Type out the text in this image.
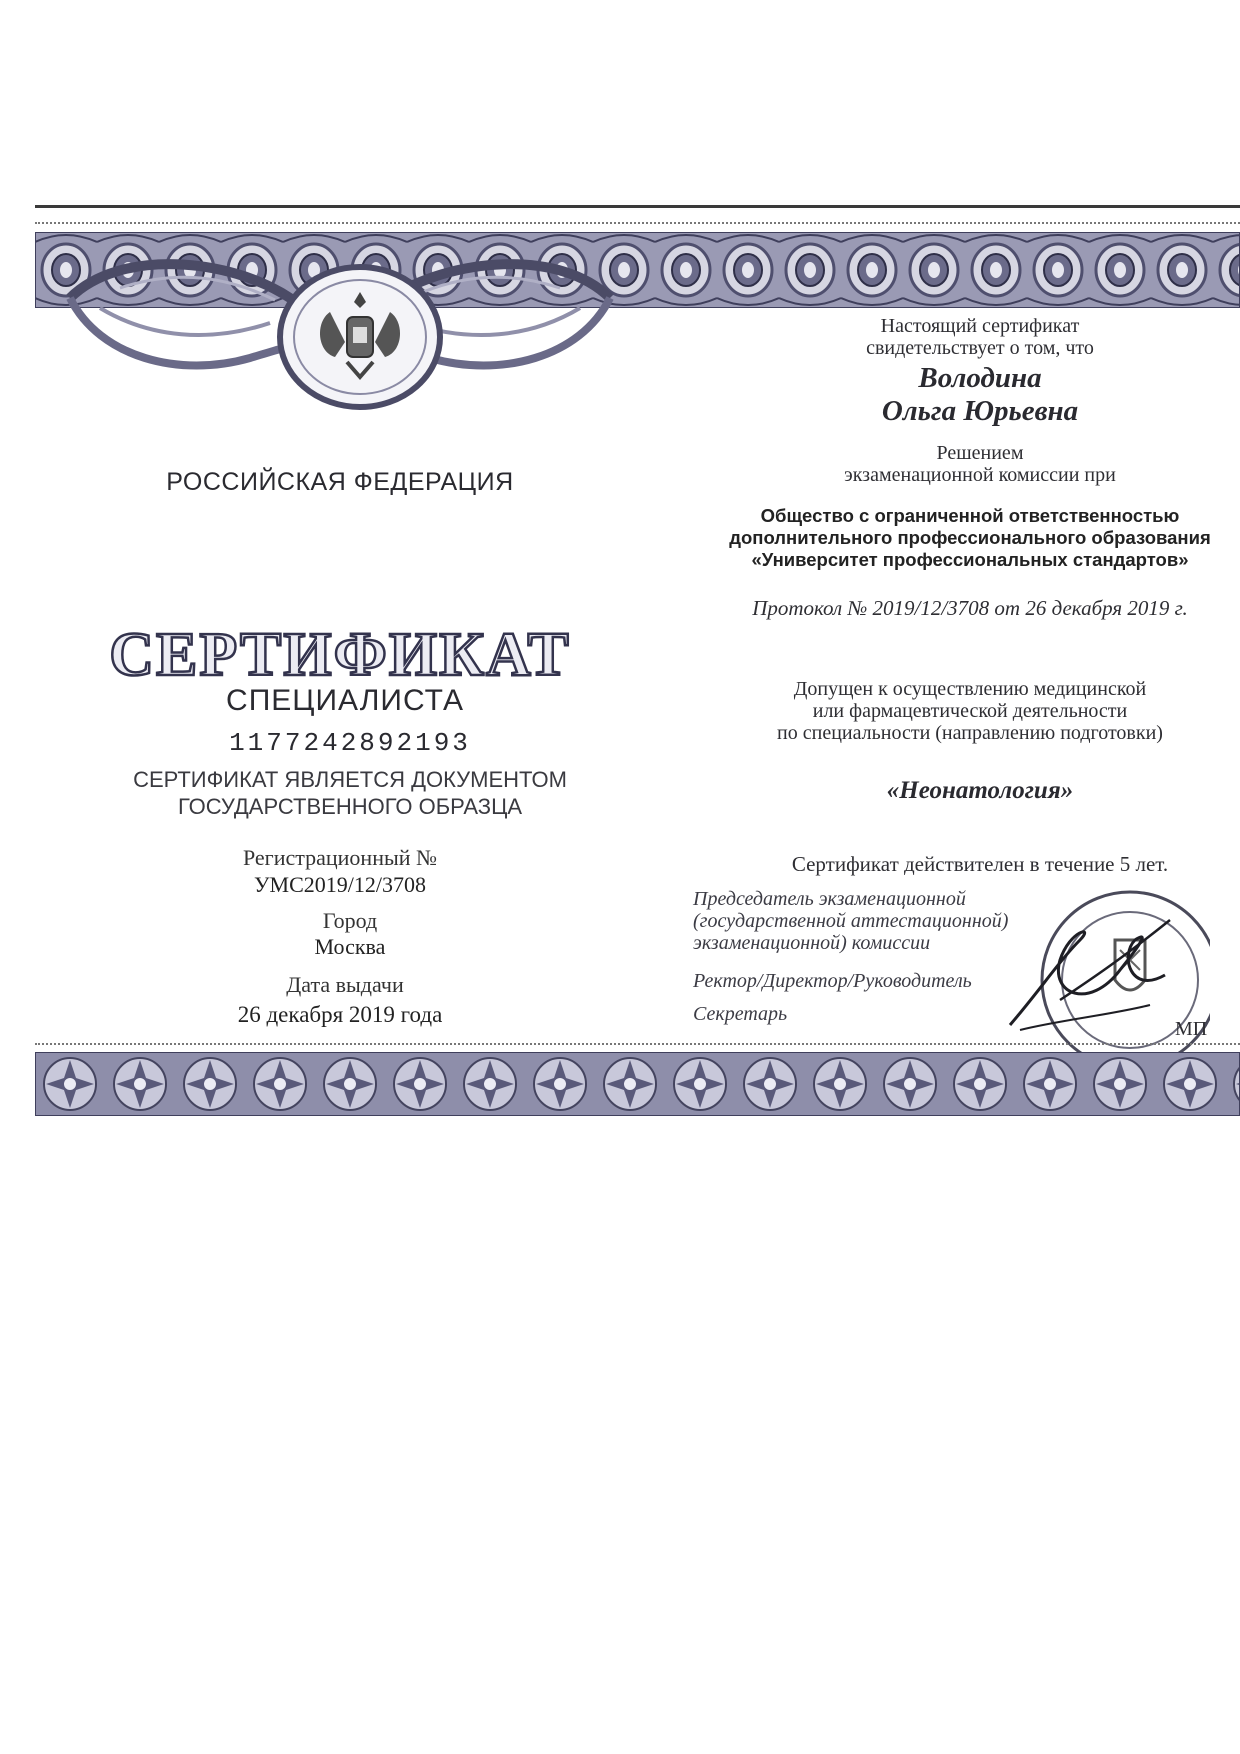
РОССИЙСКАЯ ФЕДЕРАЦИЯ
СЕРТИФИКАТ
СПЕЦИАЛИСТА
1177242892193
СЕРТИФИКАТ ЯВЛЯЕТСЯ ДОКУМЕНТОМ
ГОСУДАРСТВЕННОГО ОБРАЗЦА
Регистрационный №
УМС2019/12/3708
Город
Москва
Дата выдачи
26 декабря 2019 года
Настоящий сертификат
свидетельствует о том, что
Володина
Ольга Юрьевна
Решением
экзаменационной комиссии при
Общество с ограниченной ответственностью
дополнительного профессионального образования
«Университет профессиональных стандартов»
Протокол № 2019/12/3708 от 26 декабря 2019 г.
Допущен к осуществлению медицинской
или фармацевтической деятельности
по специальности (направлению подготовки)
«Неонатология»
Сертификат действителен в течение 5 лет.
Председатель экзаменационной
(государственной аттестационной)
экзаменационной) комиссии
Ректор/Директор/Руководитель
Секретарь
МП
